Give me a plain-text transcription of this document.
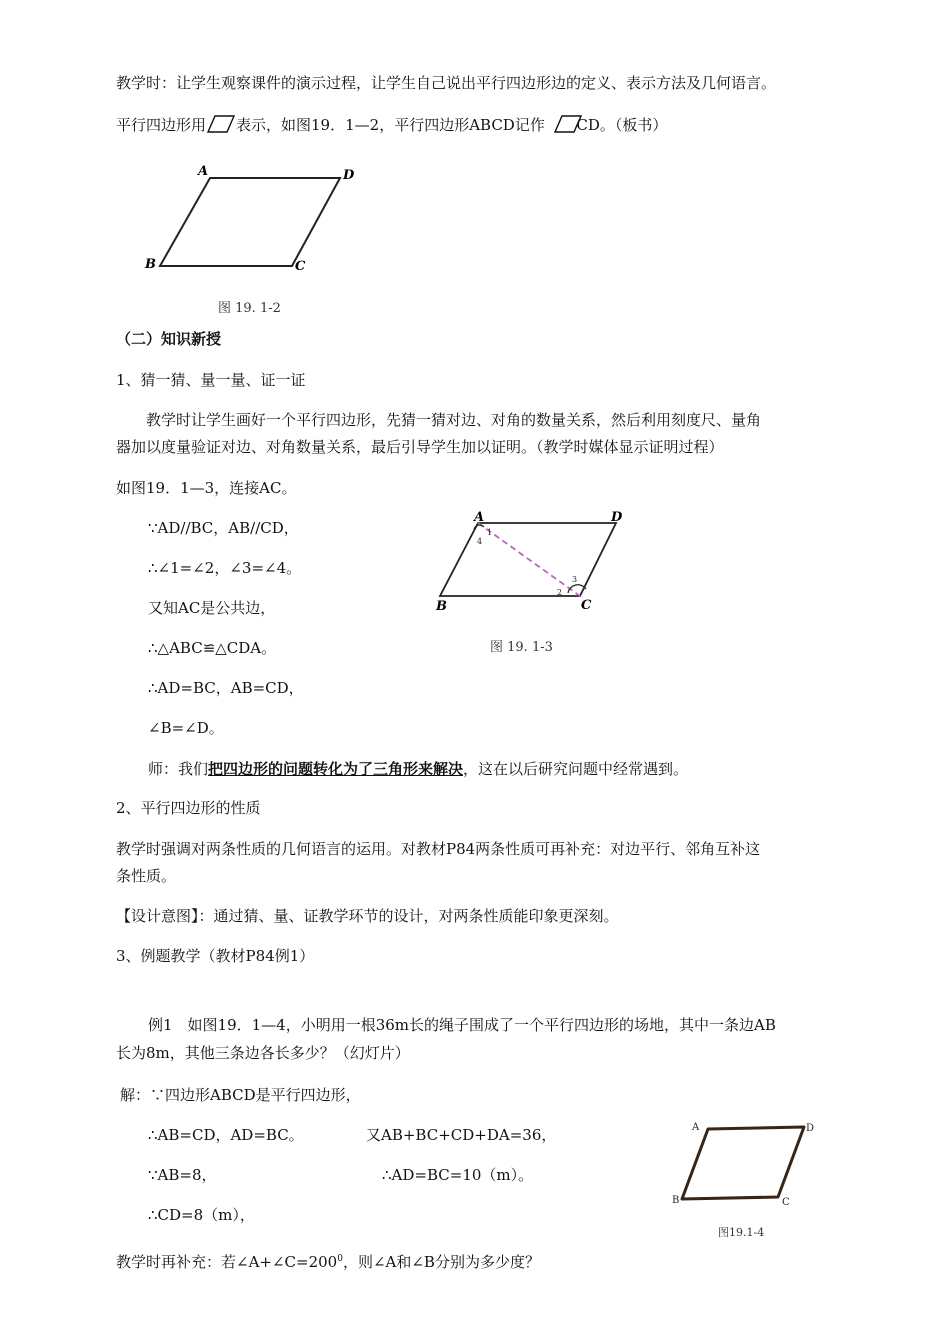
教学时：让学生观察课件的演示过程，让学生自己说出平行四边形边的定义、表示方法及几何语言。
平行四边形用 表示，如图19．1—2，平行四边形ABCD记作 CD。（板书）
A	D
B	C
图 19. 1-2
（二）知识新授
1、猜一猜、量一量、证一证
教学时让学生画好一个平行四边形，先猜一猜对边、对角的数量关系，然后利用刻度尺、量角
器加以度量验证对边、对角数量关系，最后引导学生加以证明。（教学时媒体显示证明过程）
如图19．1—3，连接AC。
∵AD//BC，AB//CD，
∴∠1=∠2，∠3=∠4。
又知AC是公共边，
∴△ABC≌△CDA。
∴AD=BC，AB=CD，
∠B=∠D。
A	D
B	C
1
4
2
3
图 19. 1-3
师：我们把四边形的问题转化为了三角形来解决，这在以后研究问题中经常遇到。
2、平行四边形的性质
教学时强调对两条性质的几何语言的运用。对教材P84两条性质可再补充：对边平行、邻角互补这
条性质。
【设计意图】：通过猜、量、证教学环节的设计，对两条性质能印象更深刻。
3、例题教学（教材P84例1）
例1　如图19．1—4，小明用一根36m长的绳子围成了一个平行四边形的场地，其中一条边AB
长为8m，其他三条边各长多少？（幻灯片）
解：∵四边形ABCD是平行四边形，
∴AB=CD，AD=BC。	又AB+BC+CD+DA=36，
∵AB=8，	∴AD=BC=10（m）。
∴CD=8（m），
A	D
B	C
图19.1-4
教学时再补充：若$\angle A+\angle C=200^0$，则∠A和∠B分别为多少度？
